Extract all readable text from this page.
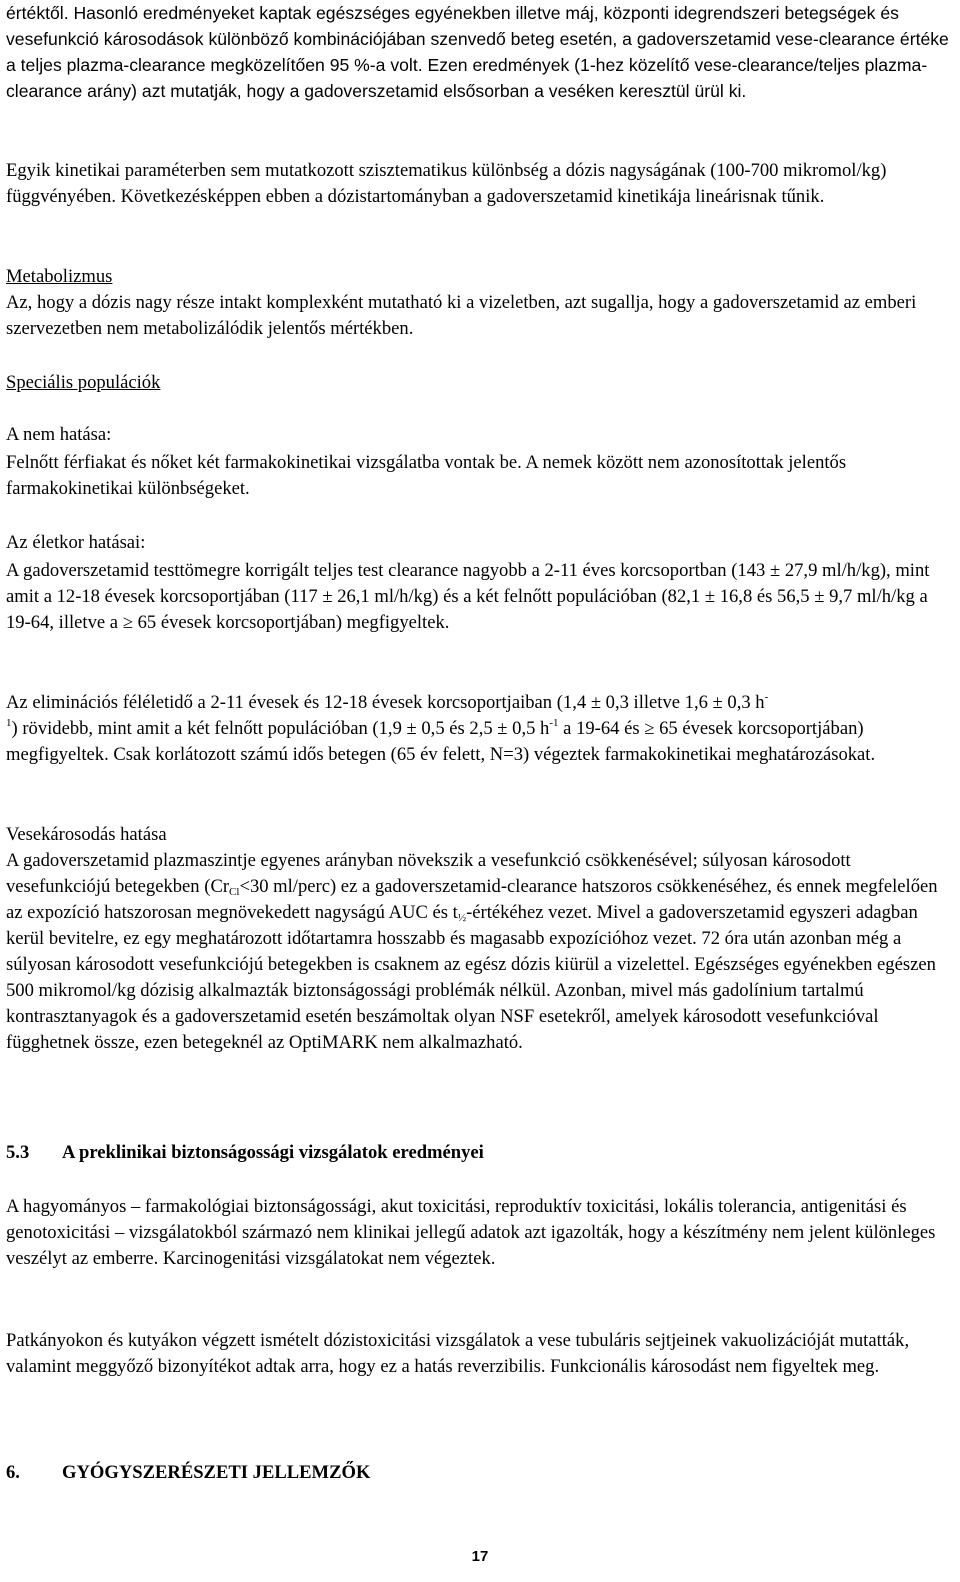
értéktől. Hasonló eredményeket kaptak egészséges egyénekben illetve máj, központi idegrendszeri betegségek és vesefunkció károsodások különböző kombinációjában szenvedő beteg esetén, a gadoverszetamid vese-clearance értéke a teljes plazma-clearance megközelítően 95 %-a volt. Ezen eredmények (1-hez közelítő vese-clearance/teljes plazma-clearance arány) azt mutatják, hogy a gadoverszetamid elsősorban a veséken keresztül ürül ki.

Egyik kinetikai paraméterben sem mutatkozott szisztematikus különbség a dózis nagyságának (100-700 mikromol/kg) függvényében. Következésképpen ebben a dózistartományban a gadoverszetamid kinetikája lineárisnak tűnik.

Metabolizmus

Az, hogy a dózis nagy része intakt komplexként mutatható ki a vizeletben, azt sugallja, hogy a gadoverszetamid az emberi szervezetben nem metabolizálódik jelentős mértékben.

Speciális populációk

A nem hatása:

Felnőtt férfiakat és nőket két farmakokinetikai vizsgálatba vontak be. A nemek között nem azonosítottak jelentős farmakokinetikai különbségeket.

Az életkor hatásai:

A gadoverszetamid testtömegre korrigált teljes test clearance nagyobb a 2-11 éves korcsoportban (143 ± 27,9 ml/h/kg), mint amit a 12-18 évesek korcsoportjában (117 ± 26,1 ml/h/kg) és a két felnőtt populációban (82,1 ± 16,8 és 56,5 ± 9,7 ml/h/kg a 19-64, illetve a ≥ 65 évesek korcsoportjában) megfigyeltek.

Az eliminációs féléletidő a 2-11 évesek és 12-18 évesek korcsoportjaiban (1,4 ± 0,3 illetve 1,6 ± 0,3 h-
$^1$) rövidebb, mint amit a két felnőtt populációban (1,9 ± 0,5 és 2,5 ± 0,5 $h^{-1}$ a 19-64 és ≥ 65 évesek korcsoportjában) megfigyeltek. Csak korlátozott számú idős betegen (65 év felett, N=3) végeztek farmakokinetikai meghatározásokat.

Vesekárosodás hatása

A gadoverszetamid plazmaszintje egyenes arányban növekszik a vesefunkció csökkenésével; súlyosan károsodott vesefunkciójú betegekben ($Cr_{Cl}<30$ ml/perc) ez a gadoverszetamid-clearance hatszoros csökkenéséhez, és ennek megfelelően az expozíció hatszorosan megnövekedett nagyságú AUC és $t_{\frac{1}{2}}$-értékéhez vezet. Mivel a gadoverszetamid egyszeri adagban kerül bevitelre, ez egy meghatározott időtartamra hosszabb és magasabb expozícióhoz vezet. 72 óra után azonban még a súlyosan károsodott vesefunkciójú betegekben is csaknem az egész dózis kiürül a vizelettel. Egészséges egyénekben egészen 500 mikromol/kg dózisig alkalmazták biztonságossági problémák nélkül. Azonban, mivel más gadolínium tartalmú kontrasztanyagok és a gadoverszetamid esetén beszámoltak olyan NSF esetekről, amelyek károsodott vesefunkcióval függhetnek össze, ezen betegeknél az OptiMARK nem alkalmazható.

5.3 A preklinikai biztonságossági vizsgálatok eredményei

A hagyományos – farmakológiai biztonságossági, akut toxicitási, reproduktív toxicitási, lokális tolerancia, antigenitási és genotoxicitási – vizsgálatokból származó nem klinikai jellegű adatok azt igazolták, hogy a készítmény nem jelent különleges veszélyt az emberre. Karcinogenitási vizsgálatokat nem végeztek.

Patkányokon és kutyákon végzett ismételt dózistoxicitási vizsgálatok a vese tubuláris sejtjeinek vakuolizációját mutatták, valamint meggyőző bizonyítékot adtak arra, hogy ez a hatás reverzibilis. Funkcionális károsodást nem figyeltek meg.

6. GYÓGYSZERÉSZETI JELLEMZŐK

17
